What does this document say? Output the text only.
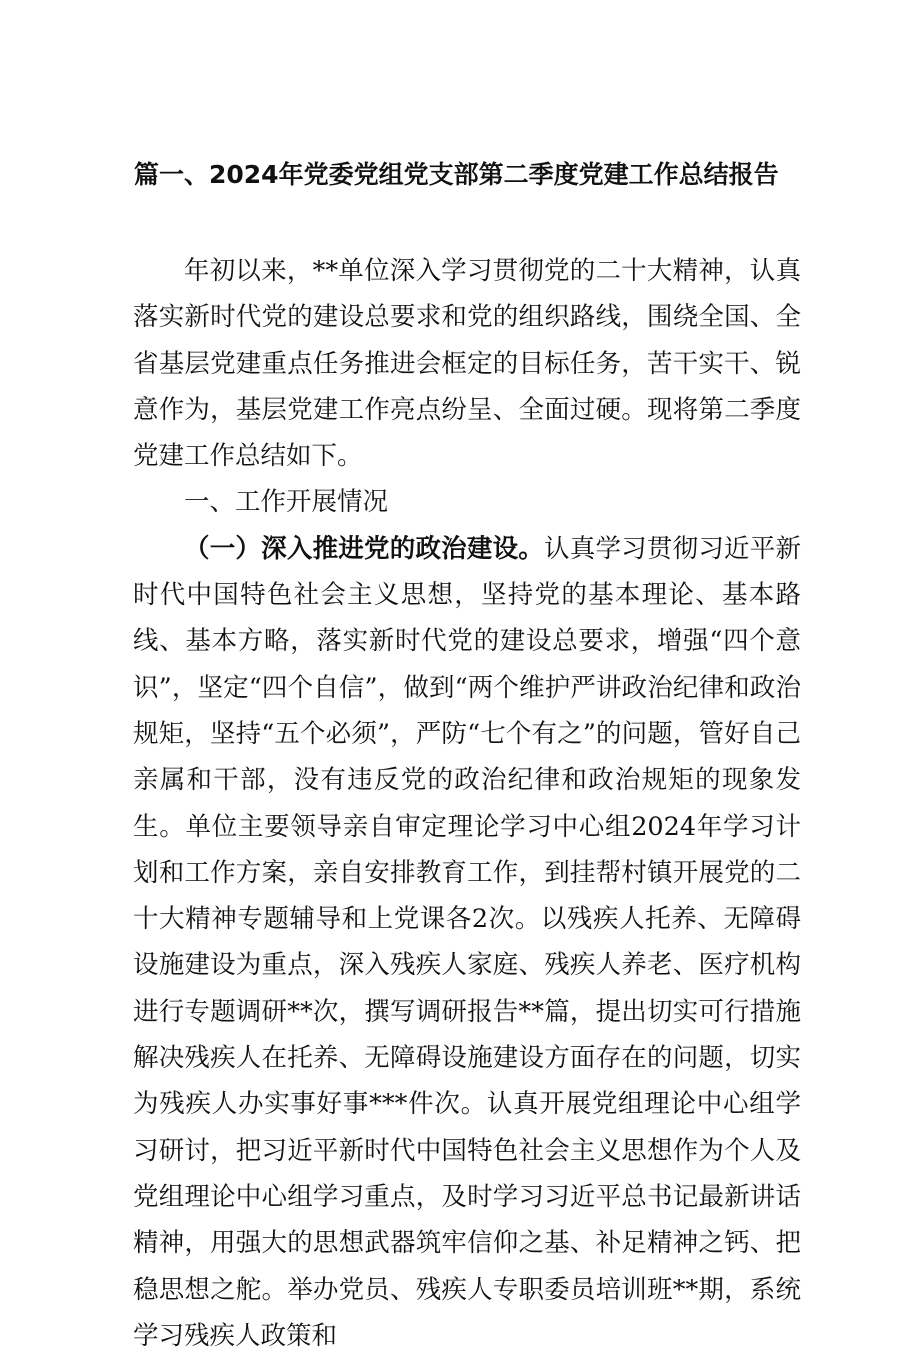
篇一、2024年党委党组党支部第二季度党建工作总结报告

年初以来，**单位深入学习贯彻党的二十大精神，认真落实新时代党的建设总要求和党的组织路线，围绕全国、全省基层党建重点任务推进会框定的目标任务，苦干实干、锐意作为，基层党建工作亮点纷呈、全面过硬。现将第二季度党建工作总结如下。

一、工作开展情况

（一）深入推进党的政治建设。认真学习贯彻习近平新时代中国特色社会主义思想，坚持党的基本理论、基本路线、基本方略，落实新时代党的建设总要求，增强“四个意识”，坚定“四个自信”，做到“两个维护严讲政治纪律和政治规矩，坚持“五个必须”，严防“七个有之”的问题，管好自己亲属和干部，没有违反党的政治纪律和政治规矩的现象发生。单位主要领导亲自审定理论学习中心组2024年学习计划和工作方案，亲自安排教育工作，到挂帮村镇开展党的二十大精神专题辅导和上党课各2次。以残疾人托养、无障碍设施建设为重点，深入残疾人家庭、残疾人养老、医疗机构进行专题调研**次，撰写调研报告**篇，提出切实可行措施解决残疾人在托养、无障碍设施建设方面存在的问题，切实为残疾人办实事好事***件次。认真开展党组理论中心组学习研讨，把习近平新时代中国特色社会主义思想作为个人及党组理论中心组学习重点，及时学习习近平总书记最新讲话精神，用强大的思想武器筑牢信仰之基、补足精神之钙、把稳思想之舵。举办党员、残疾人专职委员培训班**期，系统学习残疾人政策和
